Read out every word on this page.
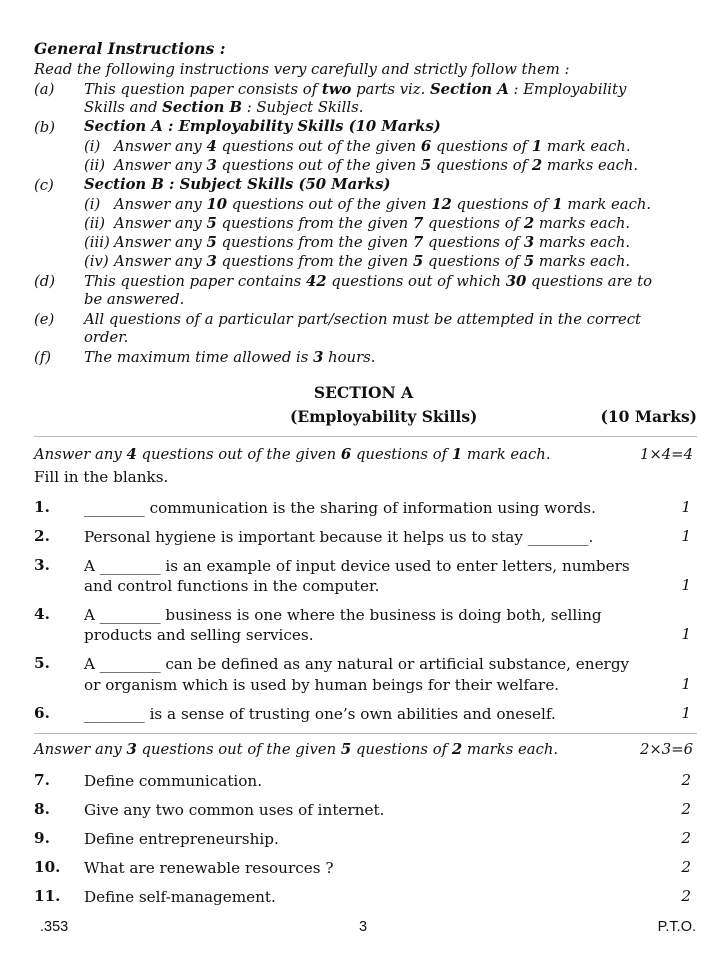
General Instructions :
Read the following instructions very carefully and strictly follow them :
(a) This question paper consists of two parts viz. Section A : Employability
Skills and Section B : Subject Skills.
(b) Section A : Employability Skills (10 Marks)
(i) Answer any 4 questions out of the given 6 questions of 1 mark each.
(ii) Answer any 3 questions out of the given 5 questions of 2 marks each.
(c) Section B : Subject Skills (50 Marks)
(i) Answer any 10 questions out of the given 12 questions of 1 mark each.
(ii) Answer any 5 questions from the given 7 questions of 2 marks each.
(iii) Answer any 5 questions from the given 7 questions of 3 marks each.
(iv) Answer any 3 questions from the given 5 questions of 5 marks each.
(d) This question paper contains 42 questions out of which 30 questions are to
be answered.
(e) All questions of a particular part/section must be attempted in the correct
order.
(f) The maximum time allowed is 3 hours.
SECTION A
(Employability Skills)	(10 Marks)
Answer any 4 questions out of the given 6 questions of 1 mark each.	1×4=4
Fill in the blanks.
1. ________ communication is the sharing of information using words.	1
2. Personal hygiene is important because it helps us to stay ________.	1
3. A ________ is an example of input device used to enter letters, numbers
and control functions in the computer.	1
4. A ________ business is one where the business is doing both, selling
products and selling services.	1
5. A ________ can be defined as any natural or artificial substance, energy
or organism which is used by human beings for their welfare.	1
6. ________ is a sense of trusting one’s own abilities and oneself.	1
Answer any 3 questions out of the given 5 questions of 2 marks each.	2×3=6
7. Define communication.	2
8. Give any two common uses of internet.	2
9. Define entrepreneurship.	2
10. What are renewable resources ?	2
11. Define self-management.	2
.353	3	P.T.O.
